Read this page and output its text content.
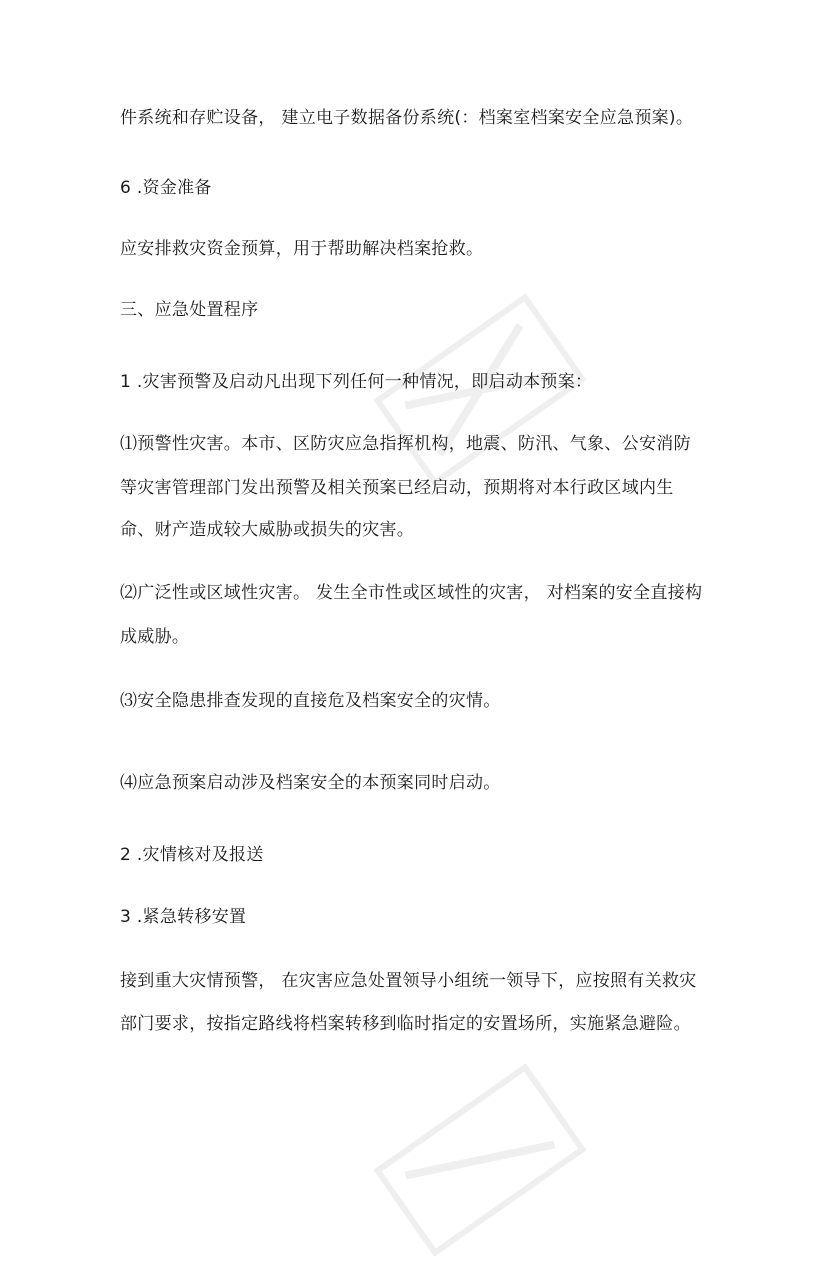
件系统和存贮设备， 建立电子数据备份系统(：档案室档案安全应急预案)。
6 .资金准备
应安排救灾资金预算，用于帮助解决档案抢救。
三、应急处置程序
1 .灾害预警及启动凡出现下列任何一种情况，即启动本预案：
⑴预警性灾害。本市、区防灾应急指挥机构，地震、防汛、气象、公安消防
等灾害管理部门发出预警及相关预案已经启动，预期将对本行政区域内生
命、财产造成较大威胁或损失的灾害。
⑵广泛性或区域性灾害。 发生全市性或区域性的灾害， 对档案的安全直接构
成威胁。
⑶安全隐患排查发现的直接危及档案安全的灾情。
⑷应急预案启动涉及档案安全的本预案同时启动。
2 .灾情核对及报送
3 .紧急转移安置
接到重大灾情预警， 在灾害应急处置领导小组统一领导下，应按照有关救灾
部门要求，按指定路线将档案转移到临时指定的安置场所，实施紧急避险。
